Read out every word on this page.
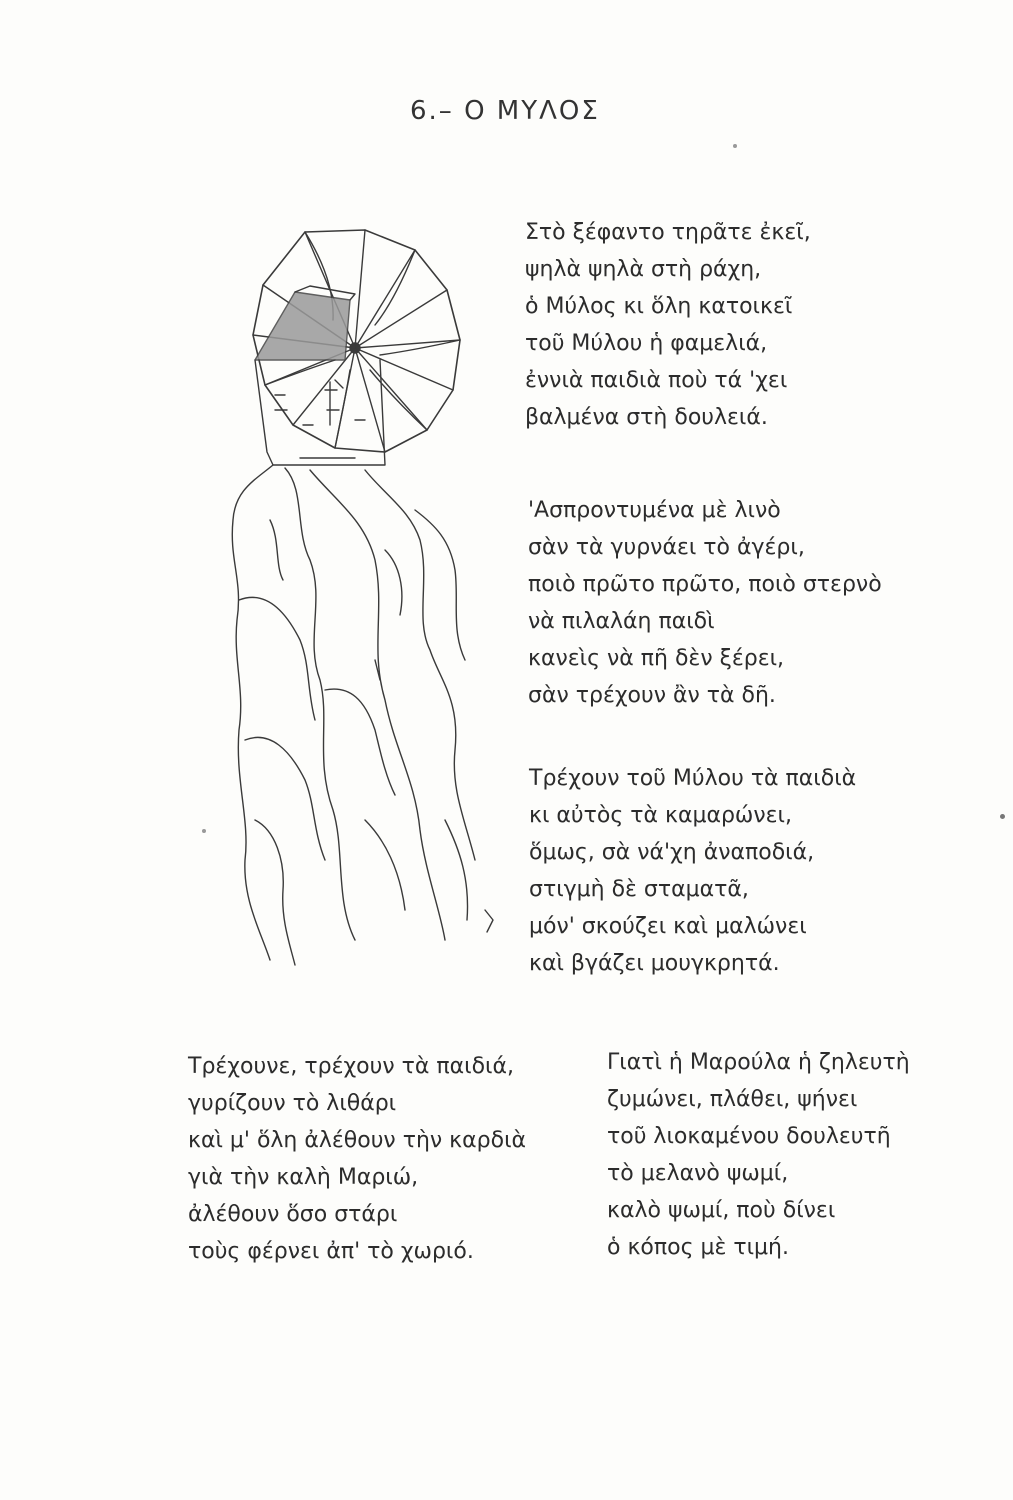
6.– Ο ΜΥΛΟΣ
Στὸ ξέφαντο τηρᾶτε ἐκεῖ,
ψηλὰ ψηλὰ στὴ ράχη,
ὁ Μύλος κι ὅλη κατοικεῖ
τοῦ Μύλου ἡ φαμελιά,
ἐννιὰ παιδιὰ ποὺ τά 'χει
βαλμένα στὴ δουλειά.
'Ασπροντυμένα μὲ λινὸ
σὰν τὰ γυρνάει τὸ ἀγέρι,
ποιὸ πρῶτο πρῶτο, ποιὸ στερνὸ
νὰ πιλαλάη παιδὶ
κανεὶς νὰ πῆ δὲν ξέρει,
σὰν τρέχουν ἂν τὰ δῆ.
Τρέχουν τοῦ Μύλου τὰ παιδιὰ
κι αὐτὸς τὰ καμαρώνει,
ὅμως, σὰ νά'χη ἀναποδιά,
στιγμὴ δὲ σταματᾶ,
μόν' σκούζει καὶ μαλώνει
καὶ βγάζει μουγκρητά.
Τρέχουνε, τρέχουν τὰ παιδιά,
γυρίζουν τὸ λιθάρι
καὶ μ' ὅλη ἀλέθουν τὴν καρδιὰ
γιὰ τὴν καλὴ Μαριώ,
ἀλέθουν ὅσο στάρι
τοὺς φέρνει ἀπ' τὸ χωριό.
Γιατὶ ἡ Μαρούλα ἡ ζηλευτὴ
ζυμώνει, πλάθει, ψήνει
τοῦ λιοκαμένου δουλευτῆ
τὸ μελανὸ ψωμί,
καλὸ ψωμί, ποὺ δίνει
ὁ κόπος μὲ τιμή.
